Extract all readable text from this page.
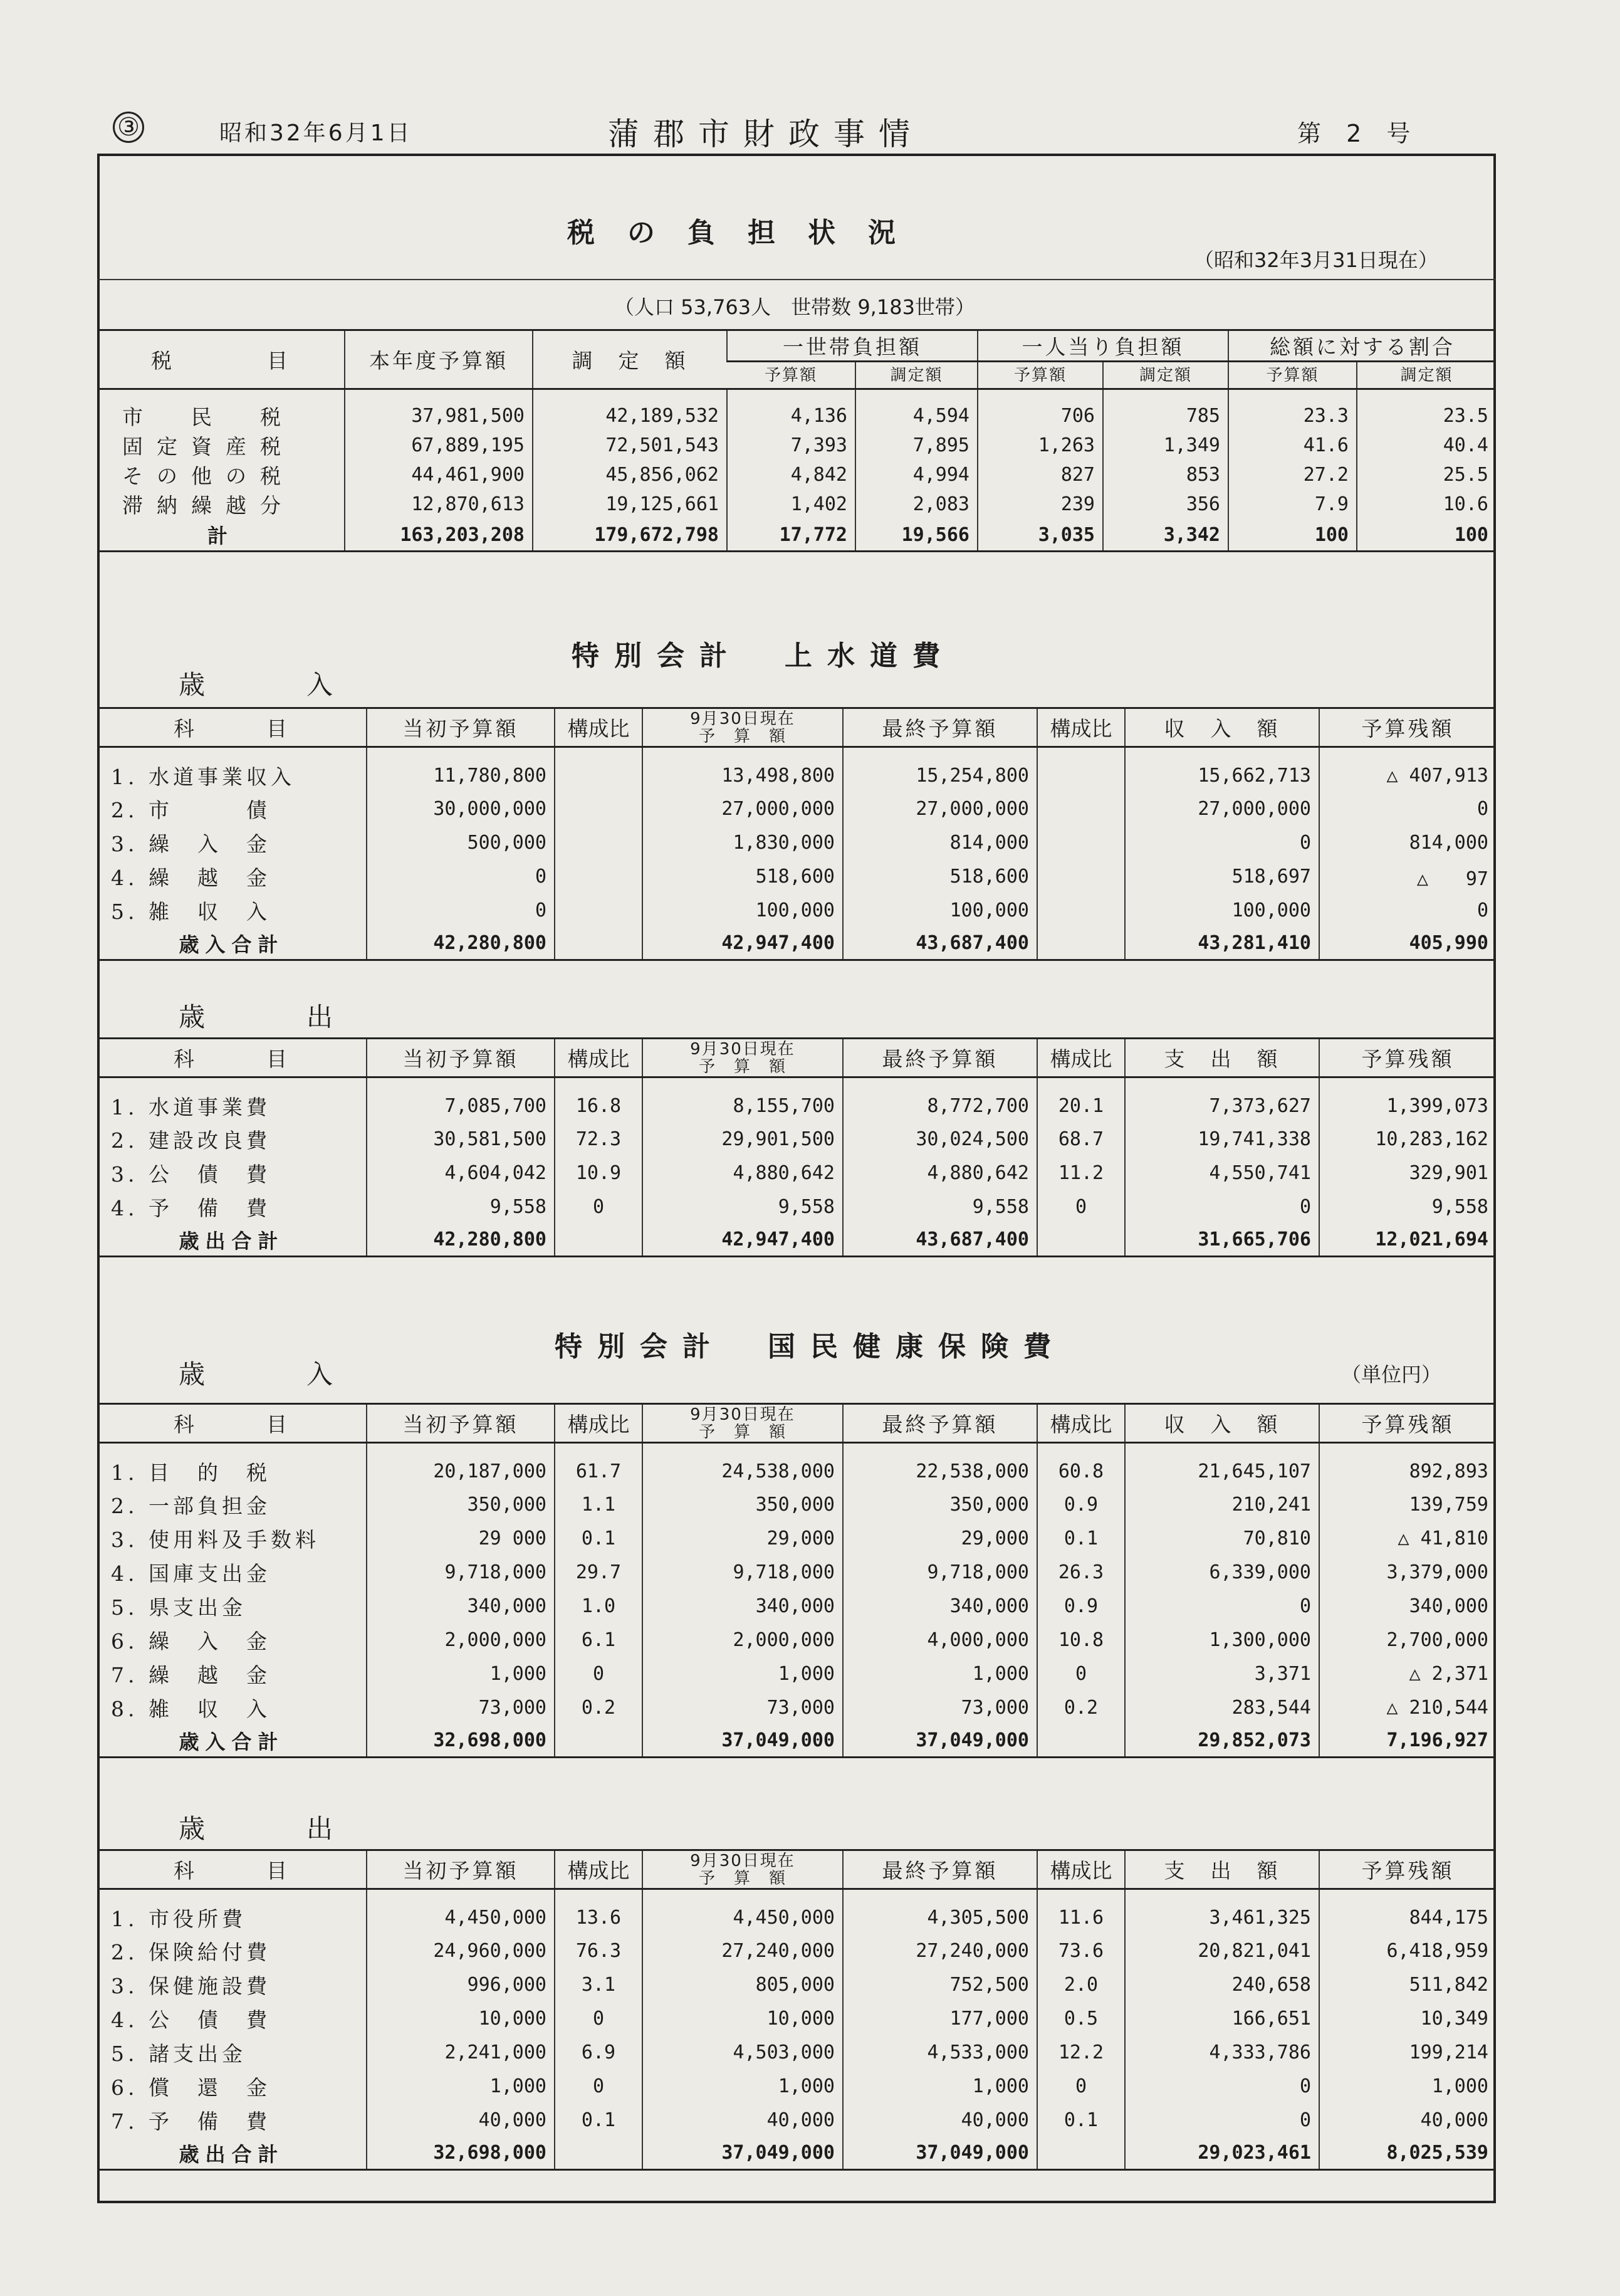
③	昭和32年6月1日	蒲郡市財政事情	第 2 号
税の負担状況
（昭和32年3月31日現在）
（人口 53,763人　世帯数 9,183世帯）
税　　　　目	本年度予算額	調　定　額	一世帯負担額		一人当り負担額		総額に対する割合	
			予算額	調定額	予算額	調定額	予算額	調定額
市　民　税	37,981,500	42,189,532	4,136	4,594	706	785	23.3	23.5
固定資産税	67,889,195	72,501,543	7,393	7,895	1,263	1,349	41.6	40.4
その他の税	44,461,900	45,856,062	4,842	4,994	827	853	27.2	25.5
滞納繰越分	12,870,613	19,125,661	1,402	2,083	239	356	7.9	10.6
計	163,203,208	179,672,798	17,772	19,566	3,035	3,342	100	100
特別会計　上水道費
歳　入
科　　　目	当初予算額	構成比	9月30日現在
予　算　額	最終予算額	構成比	収　入　額	予算残額
1. 水道事業収入	11,780,800		13,498,800	15,254,800		15,662,713	△ 407,913
2. 市　　　債	30,000,000		27,000,000	27,000,000		27,000,000	0
3. 繰　入　金	500,000		1,830,000	814,000		0	814,000
4. 繰　越　金	0		518,600	518,600		518,697	△　　97
5. 雑　収　入	0		100,000	100,000		100,000	0
歳入合計	42,280,800		42,947,400	43,687,400		43,281,410	405,990
歳　出
科　　　目	当初予算額	構成比	9月30日現在
予　算　額	最終予算額	構成比	支　出　額	予算残額
1. 水道事業費	7,085,700	16.8	8,155,700	8,772,700	20.1	7,373,627	1,399,073
2. 建設改良費	30,581,500	72.3	29,901,500	30,024,500	68.7	19,741,338	10,283,162
3. 公　債　費	4,604,042	10.9	4,880,642	4,880,642	11.2	4,550,741	329,901
4. 予　備　費	9,558	0	9,558	9,558	0	0	9,558
歳出合計	42,280,800		42,947,400	43,687,400		31,665,706	12,021,694
特別会計　国民健康保険費
歳　入	（単位円）
科　　　目	当初予算額	構成比	9月30日現在
予　算　額	最終予算額	構成比	収　入　額	予算残額
1. 目　的　税	20,187,000	61.7	24,538,000	22,538,000	60.8	21,645,107	892,893
2. 一部負担金	350,000	1.1	350,000	350,000	0.9	210,241	139,759
3. 使用料及手数料	29 000	0.1	29,000	29,000	0.1	70,810	△ 41,810
4. 国庫支出金	9,718,000	29.7	9,718,000	9,718,000	26.3	6,339,000	3,379,000
5. 県支出金	340,000	1.0	340,000	340,000	0.9	0	340,000
6. 繰　入　金	2,000,000	6.1	2,000,000	4,000,000	10.8	1,300,000	2,700,000
7. 繰　越　金	1,000	0	1,000	1,000	0	3,371	△ 2,371
8. 雑　収　入	73,000	0.2	73,000	73,000	0.2	283,544	△ 210,544
歳入合計	32,698,000		37,049,000	37,049,000		29,852,073	7,196,927
歳　出
科　　　目	当初予算額	構成比	9月30日現在
予　算　額	最終予算額	構成比	支　出　額	予算残額
1. 市役所費	4,450,000	13.6	4,450,000	4,305,500	11.6	3,461,325	844,175
2. 保険給付費	24,960,000	76.3	27,240,000	27,240,000	73.6	20,821,041	6,418,959
3. 保健施設費	996,000	3.1	805,000	752,500	2.0	240,658	511,842
4. 公　債　費	10,000	0	10,000	177,000	0.5	166,651	10,349
5. 諸支出金	2,241,000	6.9	4,503,000	4,533,000	12.2	4,333,786	199,214
6. 償　還　金	1,000	0	1,000	1,000	0	0	1,000
7. 予　備　費	40,000	0.1	40,000	40,000	0.1	0	40,000
歳出合計	32,698,000		37,049,000	37,049,000		29,023,461	8,025,539
